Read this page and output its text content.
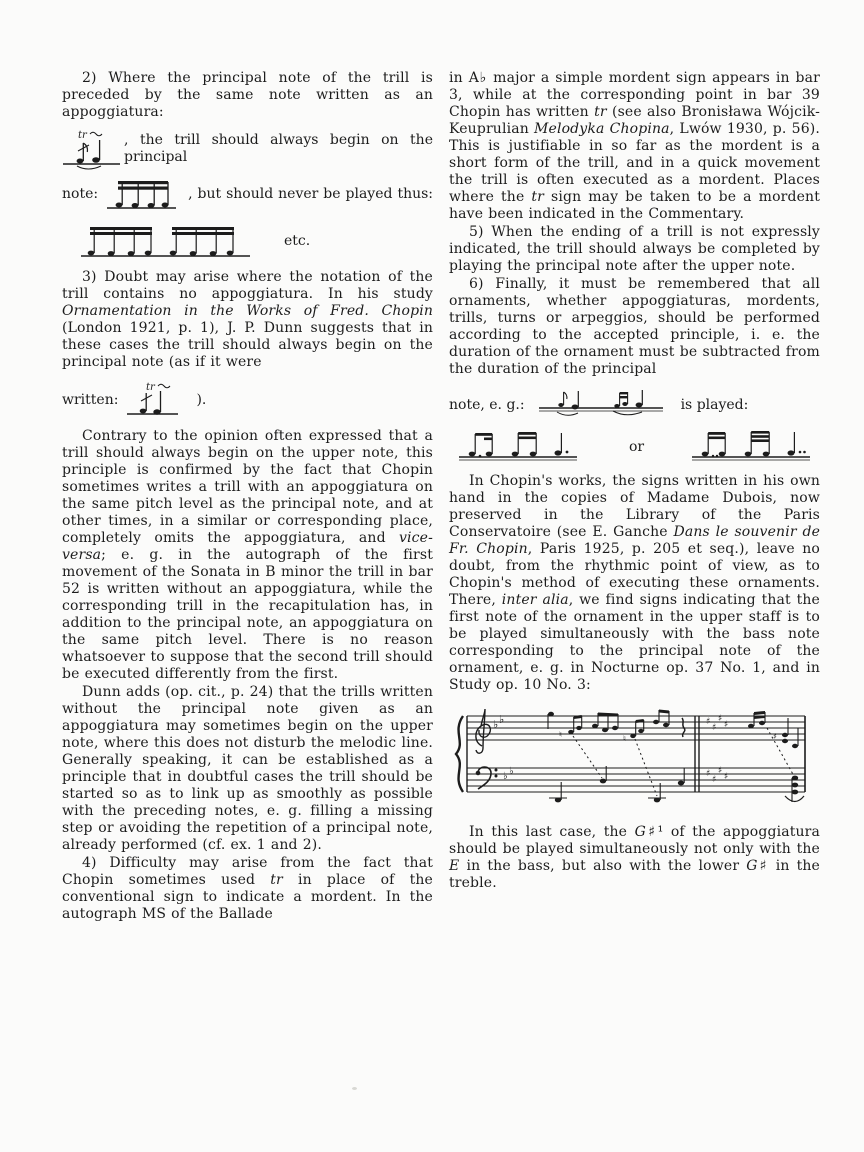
2) Where the principal note of the trill is preceded by the same note written as an appoggiatura:

tr	, the trill should always begin on the principal
note:	, but should never be played thus:
etc.

3) Doubt may arise where the notation of the trill contains no appoggiatura. In his study Ornamentation in the Works of Fred. Chopin (London 1921, p. 1), J. P. Dunn suggests that in these cases the trill should always begin on the principal note (as if it were

written:
tr
).

Contrary to the opinion often expressed that a trill should always begin on the upper note, this principle is confirmed by the fact that Chopin sometimes writes a trill with an appoggiatura on the same pitch level as the principal note, and at other times, in a similar or corresponding place, completely omits the appoggiatura, and vice-versa; e. g. in the autograph of the first movement of the Sonata in B minor the trill in bar 52 is written without an appoggiatura, while the corresponding trill in the recapitulation has, in addition to the principal note, an appoggiatura on the same pitch level. There is no reason whatsoever to suppose that the second trill should be executed differently from the first.

Dunn adds (op. cit., p. 24) that the trills written without the principal note given as an appoggiatura may sometimes begin on the upper note, where this does not disturb the melodic line. Generally speaking, it can be established as a principle that in doubtful cases the trill should be started so as to link up as smoothly as possible with the preceding notes, e. g. filling a missing step or avoiding the repetition of a principal note, already performed (cf. ex. 1 and 2).

4) Difficulty may arise from the fact that Chopin sometimes used tr in place of the conventional sign to indicate a mordent. In the autograph MS of the Ballade

in A♭ major a simple mordent sign appears in bar 3, while at the corresponding point in bar 39 Chopin has written tr (see also Bronisława Wójcik-Keuprulian Melodyka Chopina, Lwów 1930, p. 56). This is justifiable in so far as the mordent is a short form of the trill, and in a quick movement the trill is often executed as a mordent. Places where the tr sign may be taken to be a mordent have been indicated in the Commentary.

5) When the ending of a trill is not expressly indicated, the trill should always be completed by playing the principal note after the upper note.

6) Finally, it must be remembered that all ornaments, whether appoggiaturas, mordents, trills, turns or arpeggios, should be performed according to the accepted principle, i. e. the duration of the ornament must be subtracted from the duration of the principal

note, e. g.:	is played:
or

In Chopin's works, the signs written in his own hand in the copies of Madame Dubois, now preserved in the Library of the Paris Conservatoire (see E. Ganche Dans le souvenir de Fr. Chopin, Paris 1925, p. 205 et seq.), leave no doubt, from the rhythmic point of view, as to Chopin's method of executing these ornaments. There, inter alia, we find signs indicating that the first note of the ornament in the upper staff is to be played simultaneously with the bass note corresponding to the principal note of the ornament, e. g. in Nocturne op. 37 No. 1, and in Study op. 10 No. 3:

♭ ♭
♭ ♭
♮	♮
♯
♯
♯
♯
♯
♯
♯
♯
♯

In this last case, the G♯¹ of the appoggiatura should be played simultaneously not only with the E in the bass, but also with the lower G♯ in the treble.
